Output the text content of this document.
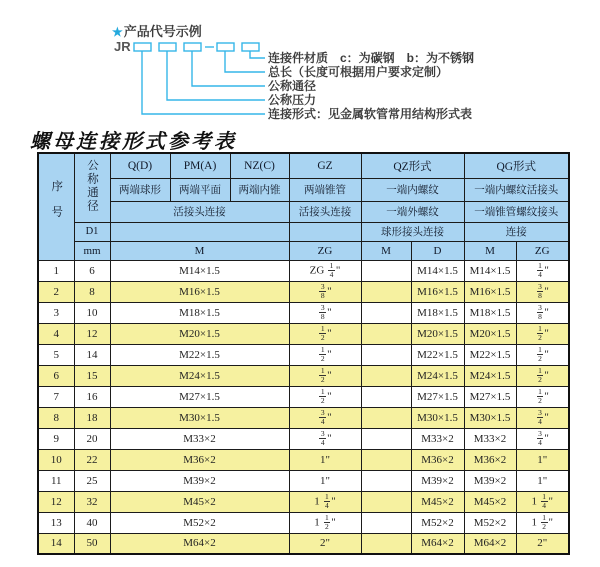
★产品代号示例
JR
连接件材质　c：为碳钢　b：为不锈钢
总长（长度可根据用户要求定制）
公称通径
公称压力
连接形式：见金属软管常用结构形式表
螺母连接形式参考表
序号	公称通径	Q(D)	PM(A)	NZ(C)	GZ	QZ形式		QG形式	
		两端球形	两端平面	两端内锥	两端锥管	一端内螺纹		一端内螺纹活接头	
		活接头连接			活接头连接	一端外螺纹		一端锥管螺纹接头	
	D1					球形接头连接		连接	
	mm	M			ZG	M	D	M	ZG
1	6	M14×1.5			ZG $\frac{1}{4}$ "		M14×1.5	M14×1.5	$\frac{1}{4}$ "
2	8	M16×1.5			$\frac{3}{8}$ "		M16×1.5	M16×1.5	$\frac{3}{8}$ "
3	10	M18×1.5			$\frac{3}{8}$ "		M18×1.5	M18×1.5	$\frac{3}{8}$ "
4	12	M20×1.5			$\frac{1}{2}$ "		M20×1.5	M20×1.5	$\frac{1}{2}$ "
5	14	M22×1.5			$\frac{1}{2}$ "		M22×1.5	M22×1.5	$\frac{1}{2}$ "
6	15	M24×1.5			$\frac{1}{2}$ "		M24×1.5	M24×1.5	$\frac{1}{2}$ "
7	16	M27×1.5			$\frac{1}{2}$ "		M27×1.5	M27×1.5	$\frac{1}{2}$ "
8	18	M30×1.5			$\frac{3}{4}$ "		M30×1.5	M30×1.5	$\frac{3}{4}$ "
9	20	M33×2			$\frac{3}{4}$ "		M33×2	M33×2	$\frac{3}{4}$ "
10	22	M36×2			1"		M36×2	M36×2	1"
11	25	M39×2			1"		M39×2	M39×2	1"
12	32	M45×2			$1 \frac{1}{4}$ "		M45×2	M45×2	$1 \frac{1}{4}$ "
13	40	M52×2			$1 \frac{1}{2}$ "		M52×2	M52×2	$1 \frac{1}{2}$ "
14	50	M64×2			2"		M64×2	M64×2	2"
